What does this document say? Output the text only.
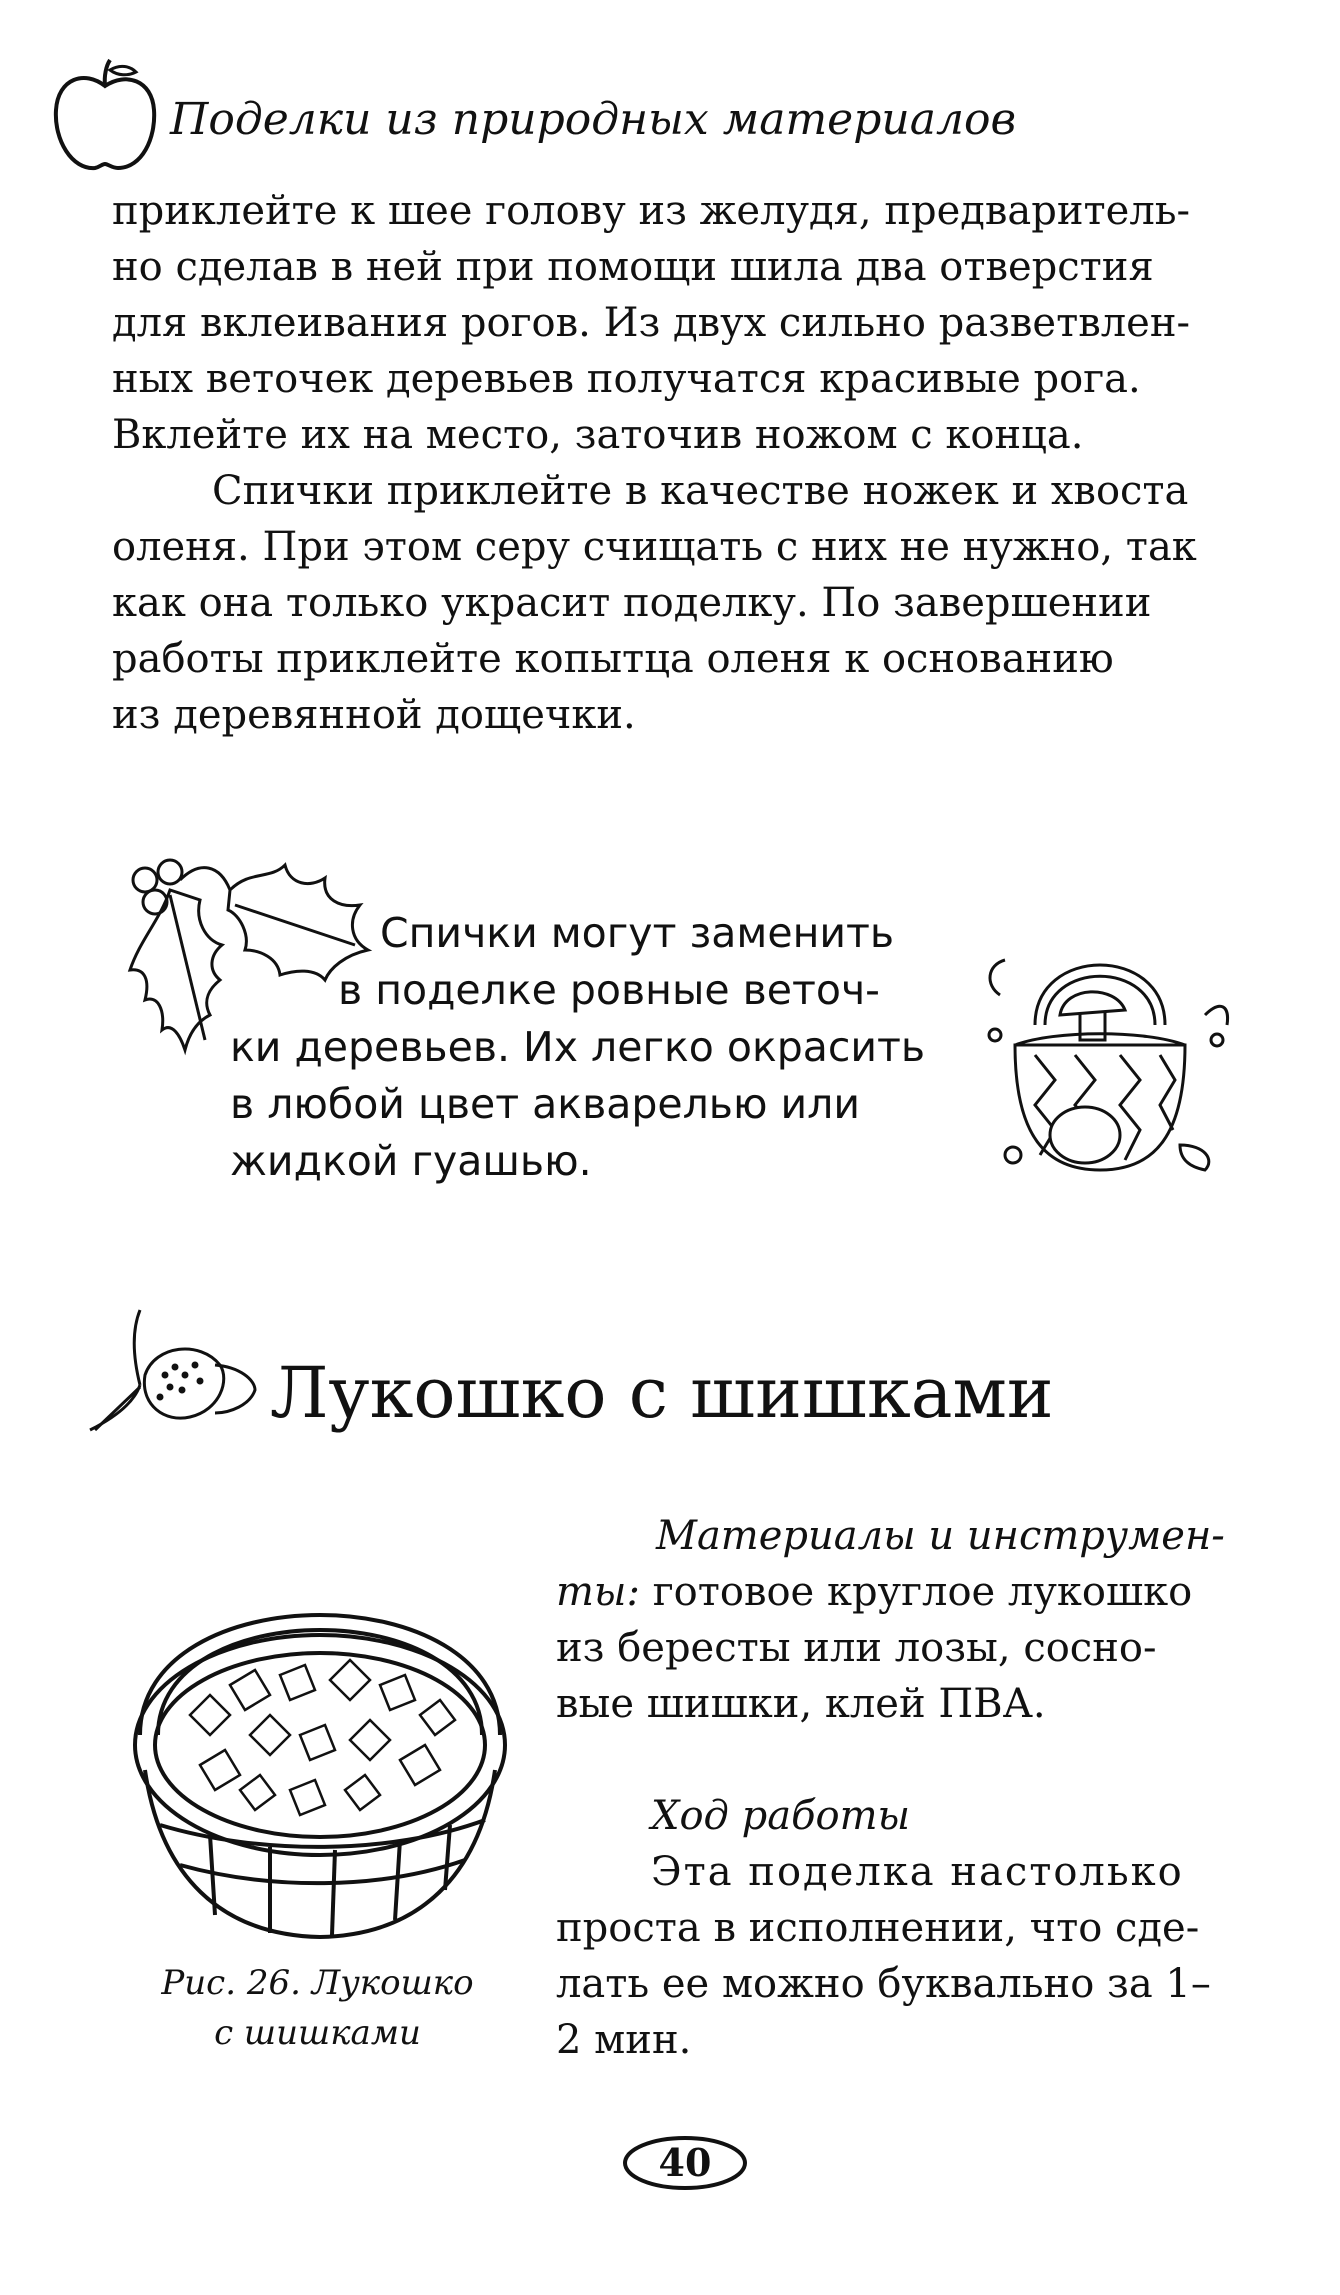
Поделки из природных материалов
приклейте к шее голову из желудя, предваритель-
но сделав в ней при помощи шила два отверстия
для вклеивания рогов. Из двух сильно разветвлен-
ных веточек деревьев получатся красивые рога.
Вклейте их на место, заточив ножом с конца.
Спички приклейте в качестве ножек и хвоста
оленя. При этом серу счищать с них не нужно, так
как она только украсит поделку. По завершении
работы приклейте копытца оленя к основанию
из деревянной дощечки.
Спички могут заменить
в поделке ровные веточ-
ки деревьев. Их легко окрасить
в любой цвет акварелью или
жидкой гуашью.
Лукошко с шишками
Рис. 26. Лукошко
с шишками
Материалы и инструмен-
ты: готовое круглое лукошко
из бересты или лозы, сосно-
вые шишки, клей ПВА.
Ход работы
Эта поделка настолько
проста в исполнении, что сде-
лать ее можно буквально за 1–
2 мин.
40
